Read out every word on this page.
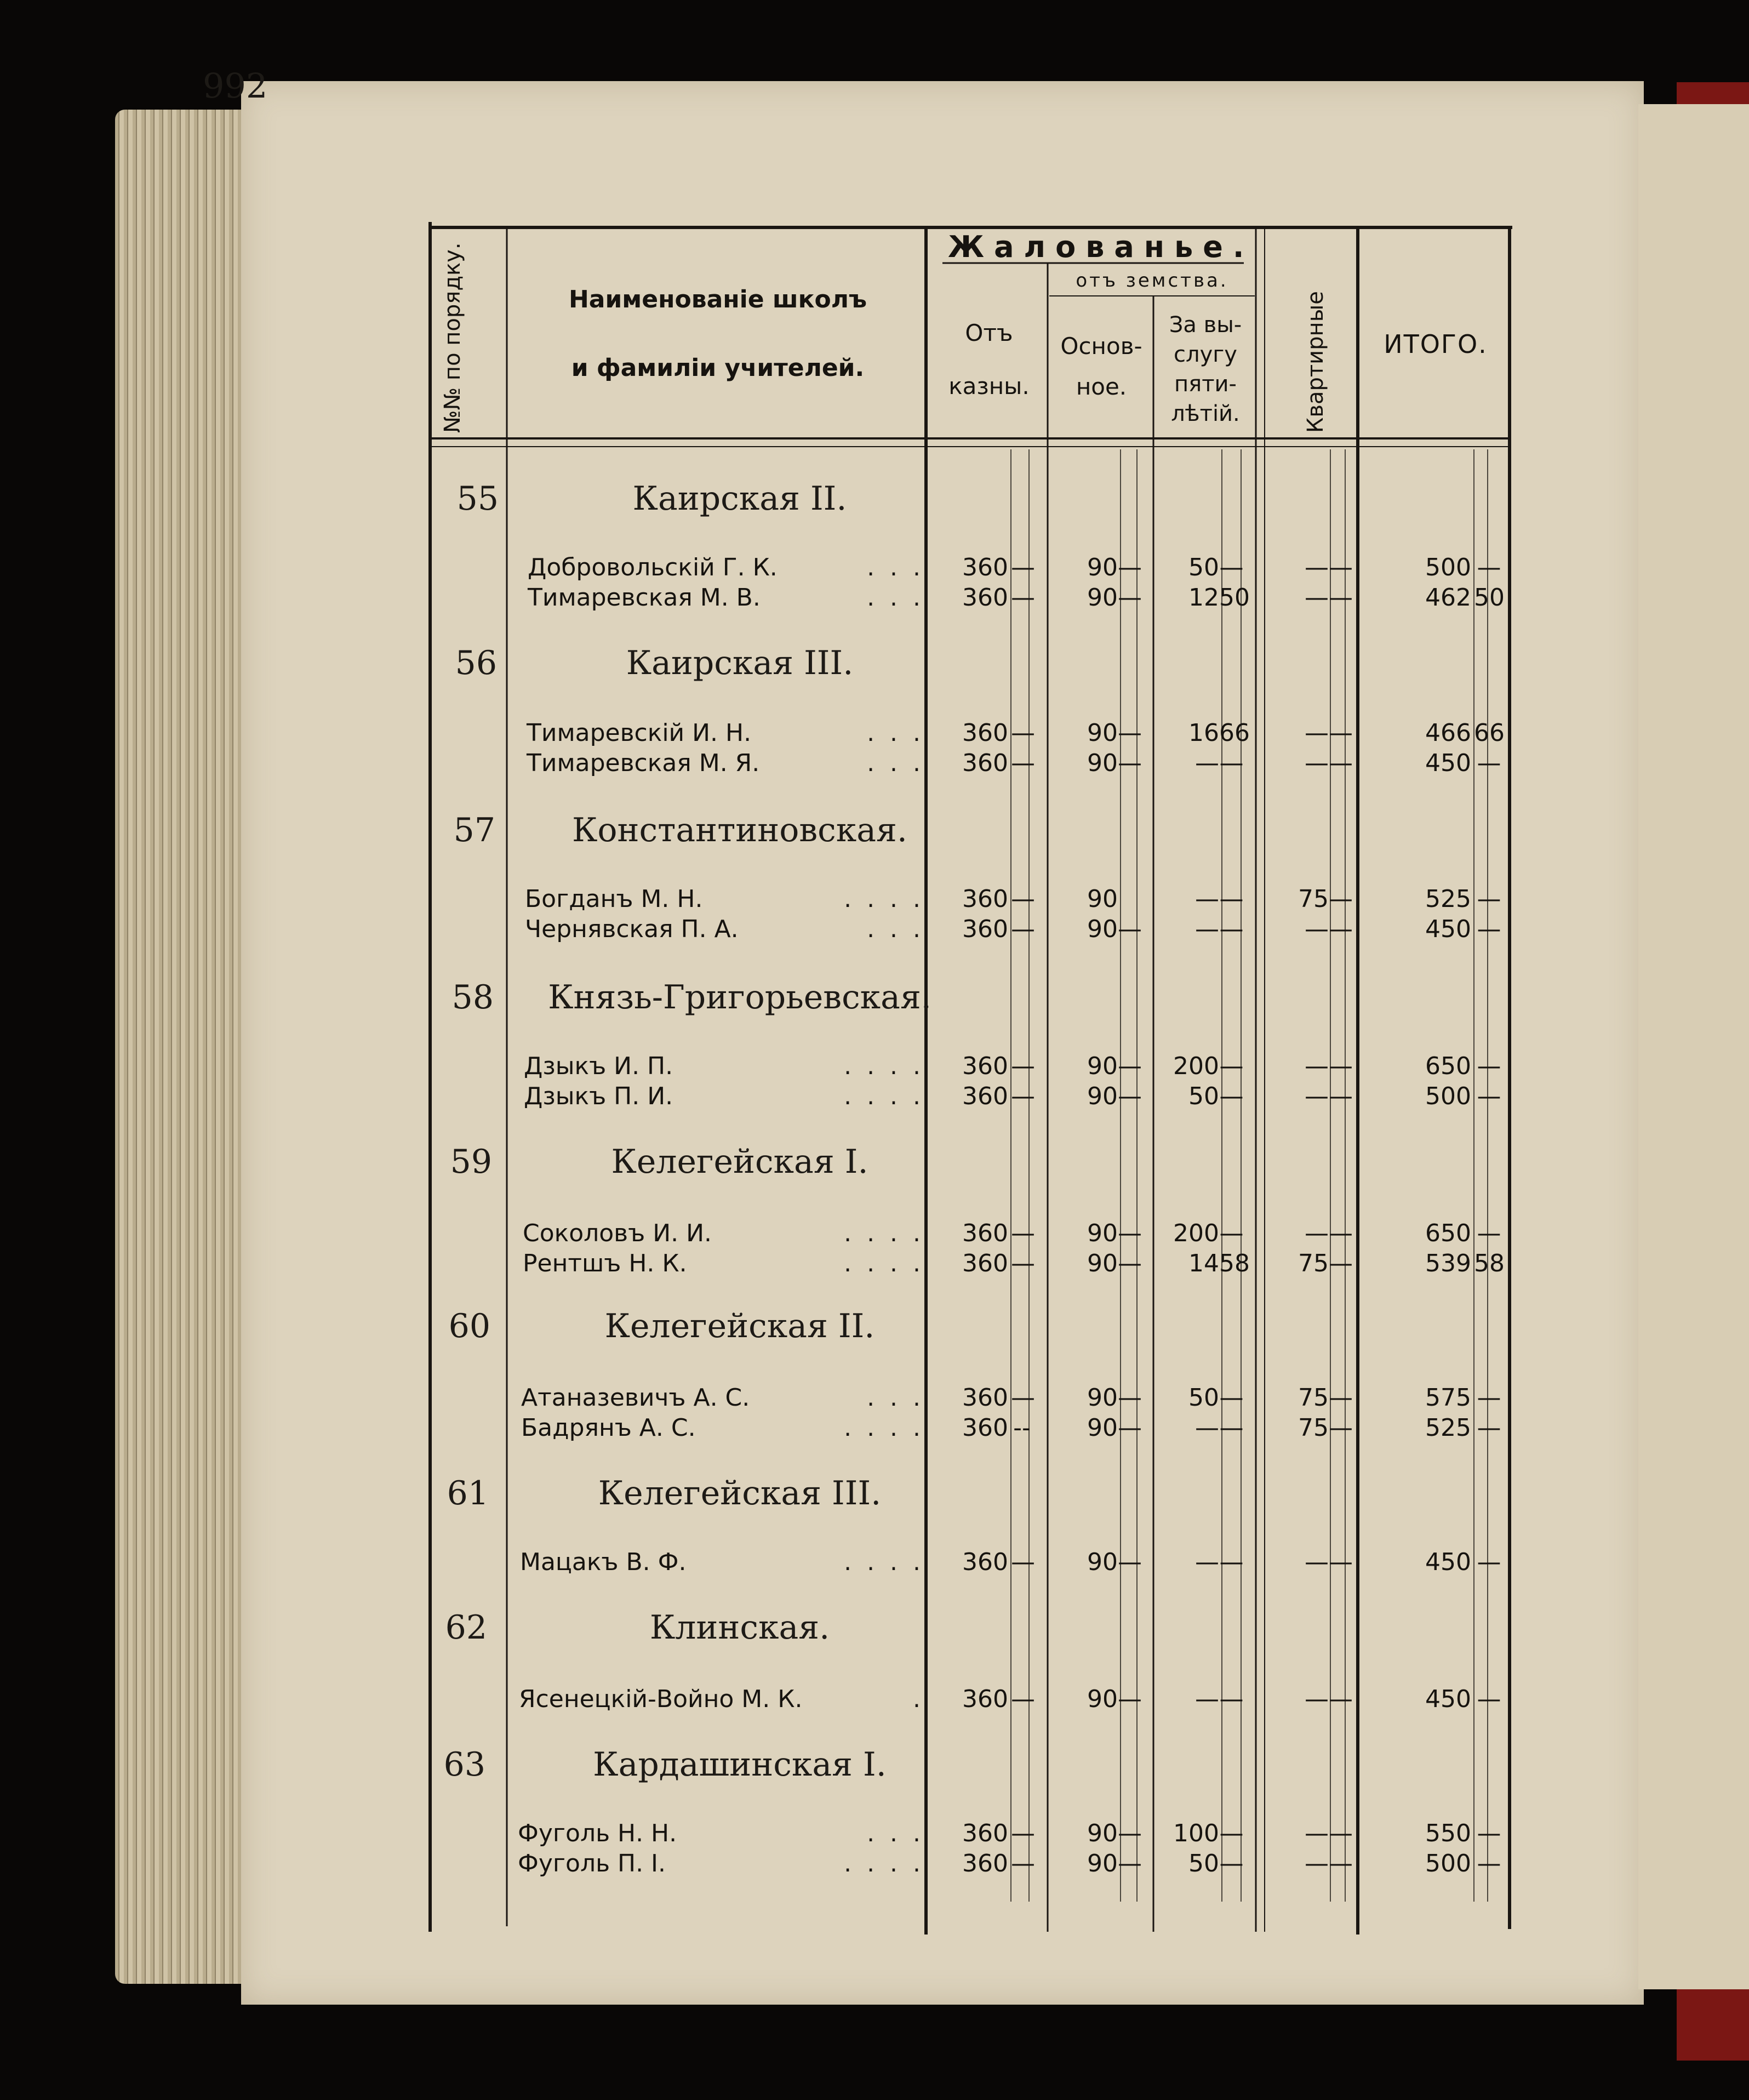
992
№№ по порядку.	Наименованіе школъ
и фамиліи учителей.
Жалованье.
Отъ казны.
отъ земства.
Основ-ное.
За вы-
слугу
пяти-
лѣтій.	Квартирные	ИТОГО.
55	Каирская II.
Добровольскій Г. К.	.  .  .	360 —	90 —	50 —	— —	500 —
Тимаревская М. В.	.  .  .	360 —	90 —	12 50	— —	462 50
56	Каирская III.
Тимаревскій И. Н.	.  .  .	360 —	90 —	16 66	— —	466 66
Тимаревская М. Я.	.  .  .	360 —	90 —	— —	— —	450 —
57	Константиновская.
Богданъ М. Н.	.  .  .  .	360 —	90	— —	75 —	525 —
Чернявская П. А.	.  .  .	360 —	90 —	— —	— —	450 —
58	Князь-Григорьевская.
Дзыкъ И. П.	.  .  .  .	360 —	90 —	200 —	— —	650 —
Дзыкъ П. И.	.  .  .  .	360 —	90 —	50 —	— —	500 —
59	Келегейская I.
Соколовъ И. И.	.  .  .  .	360 —	90 —	200 —	— —	650 —
Рентшъ Н. К.	.  .  .  .	360 —	90 —	14 58	75 —	539 58
60	Келегейская II.
Атаназевичъ А. С.	.  .  .	360 —	90 —	50 —	75 —	575 —
Бадрянъ А. С.	.  .  .  .	360 --	90 —	— —	75 —	525 —
61	Келегейская III.
Мацакъ В. Ф.	.  .  .  .	360 —	90 —	— —	— —	450 —
62	Клинская.
Ясенецкій-Войно М. К.	.	360 —	90 —	— —	— —	450 —
63	Кардашинская I.
Фуголь Н. Н.	.  .  .	360 —	90 —	100 —	— —	550 —
Фуголь П. І.	.  .  .  .	360 —	90 —	50 —	— —	500 —
